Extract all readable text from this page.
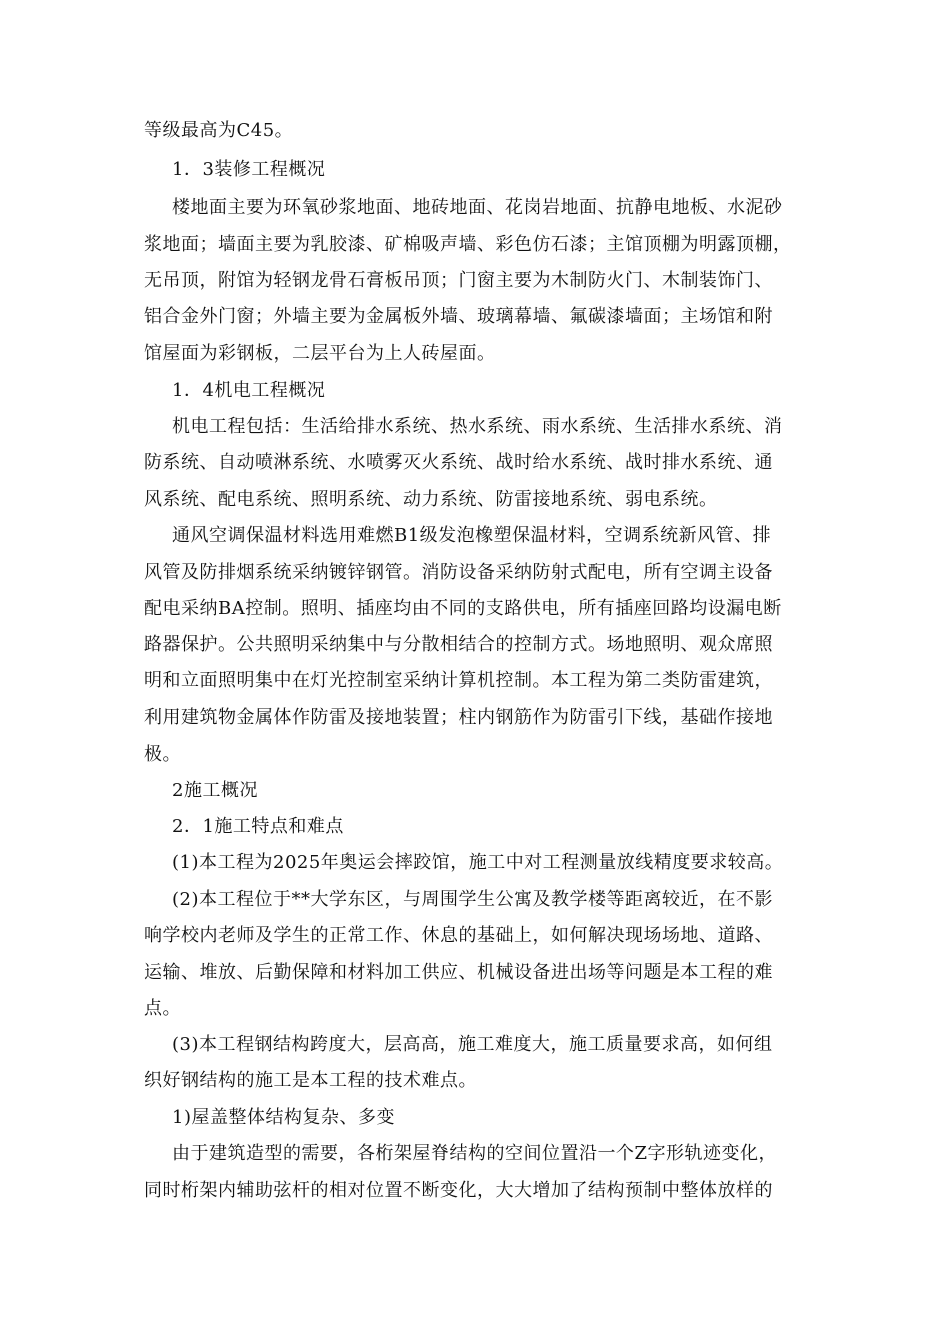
等级最高为C45。
1．3装修工程概况
楼地面主要为环氧砂浆地面、地砖地面、花岗岩地面、抗静电地板、水泥砂
浆地面；墙面主要为乳胶漆、矿棉吸声墙、彩色仿石漆；主馆顶棚为明露顶棚，
无吊顶，附馆为轻钢龙骨石膏板吊顶；门窗主要为木制防火门、木制装饰门、
铝合金外门窗；外墙主要为金属板外墙、玻璃幕墙、氟碳漆墙面；主场馆和附
馆屋面为彩钢板，二层平台为上人砖屋面。
1．4机电工程概况
机电工程包括：生活给排水系统、热水系统、雨水系统、生活排水系统、消
防系统、自动喷淋系统、水喷雾灭火系统、战时给水系统、战时排水系统、通
风系统、配电系统、照明系统、动力系统、防雷接地系统、弱电系统。
通风空调保温材料选用难燃B1级发泡橡塑保温材料，空调系统新风管、排
风管及防排烟系统采纳镀锌钢管。消防设备采纳防射式配电，所有空调主设备
配电采纳BA控制。照明、插座均由不同的支路供电，所有插座回路均设漏电断
路器保护。公共照明采纳集中与分散相结合的控制方式。场地照明、观众席照
明和立面照明集中在灯光控制室采纳计算机控制。本工程为第二类防雷建筑，
利用建筑物金属体作防雷及接地装置；柱内钢筋作为防雷引下线，基础作接地
极。
2施工概况
2．1施工特点和难点
(1)本工程为2025年奥运会摔跤馆，施工中对工程测量放线精度要求较高。
(2)本工程位于**大学东区，与周围学生公寓及教学楼等距离较近，在不影
响学校内老师及学生的正常工作、休息的基础上，如何解决现场场地、道路、
运输、堆放、后勤保障和材料加工供应、机械设备进出场等问题是本工程的难
点。
(3)本工程钢结构跨度大，层高高，施工难度大，施工质量要求高，如何组
织好钢结构的施工是本工程的技术难点。
1)屋盖整体结构复杂、多变
由于建筑造型的需要，各桁架屋脊结构的空间位置沿一个Z字形轨迹变化，
同时桁架内辅助弦杆的相对位置不断变化，大大增加了结构预制中整体放样的
